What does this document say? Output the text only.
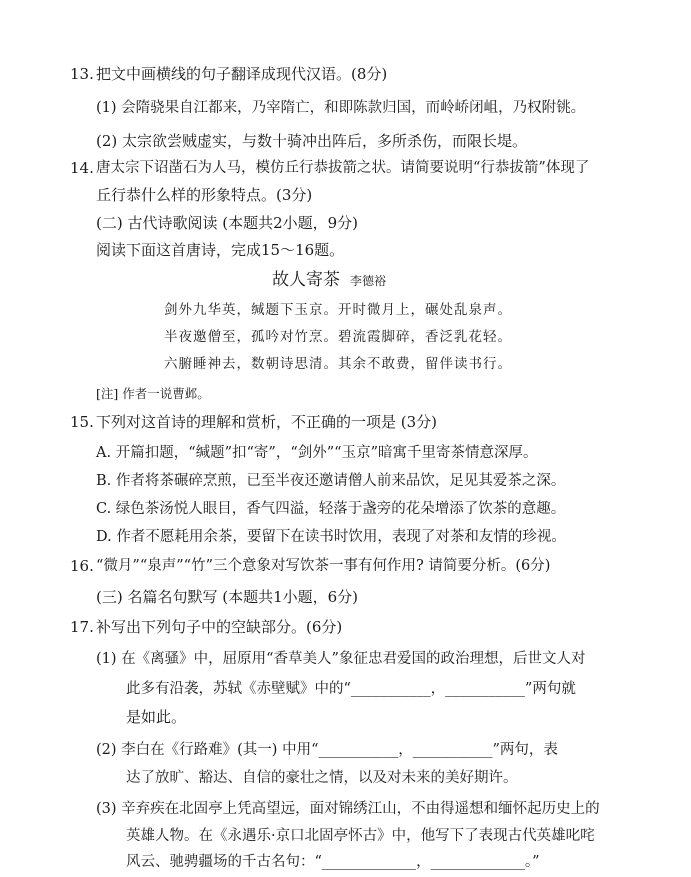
13. 把文中画横线的句子翻译成现代汉语。(8分)
(1) 会隋骁果自江都来，乃宰隋亡，和即陈款归国，而岭峤闭岨，乃权附铫。
(2) 太宗欲尝贼虚实，与数十骑冲出阵后，多所杀伤，而限长堤。
14. 唐太宗下诏凿石为人马，模仿丘行恭拔箭之状。请简要说明“行恭拔箭”体现了
丘行恭什么样的形象特点。(3分)
(二) 古代诗歌阅读 (本题共2小题，9分)
阅读下面这首唐诗，完成15～16题。
故人寄茶 李德裕
剑外九华英，缄题下玉京。开时微月上，碾处乱泉声。
半夜邀僧至，孤吟对竹烹。碧流霞脚碎，香泛乳花轻。
六腑睡神去，数朝诗思清。其余不敢费，留伴读书行。
[注] 作者一说曹邺。
15. 下列对这首诗的理解和赏析，不正确的一项是 (3分)
A. 开篇扣题，“缄题”扣“寄”，“剑外”“玉京”暗寓千里寄茶情意深厚。
B. 作者将茶碾碎烹煎，已至半夜还邀请僧人前来品饮，足见其爱茶之深。
C. 绿色茶汤悦人眼目，香气四溢，轻落于盏旁的花朵增添了饮茶的意趣。
D. 作者不愿耗用余茶，要留下在读书时饮用，表现了对茶和友情的珍视。
16. “微月”“泉声”“竹”三个意象对写饮茶一事有何作用? 请简要分析。(6分)
(三) 名篇名句默写 (本题共1小题，6分)
17. 补写出下列句子中的空缺部分。(6分)
(1) 在《离骚》中，屈原用“香草美人”象征忠君爱国的政治理想，后世文人对
此多有沿袭，苏轼《赤壁赋》中的“___________，___________”两句就
是如此。
(2) 李白在《行路难》(其一) 中用“___________，___________”两句，表
达了放旷、豁达、自信的豪壮之情，以及对未来的美好期许。
(3) 辛弃疾在北固亭上凭高望远，面对锦绣江山，不由得遥想和缅怀起历史上的
英雄人物。在《永遇乐·京口北固亭怀古》中，他写下了表现古代英雄叱咤
风云、驰骋疆场的千古名句：“_____________，_____________。”
